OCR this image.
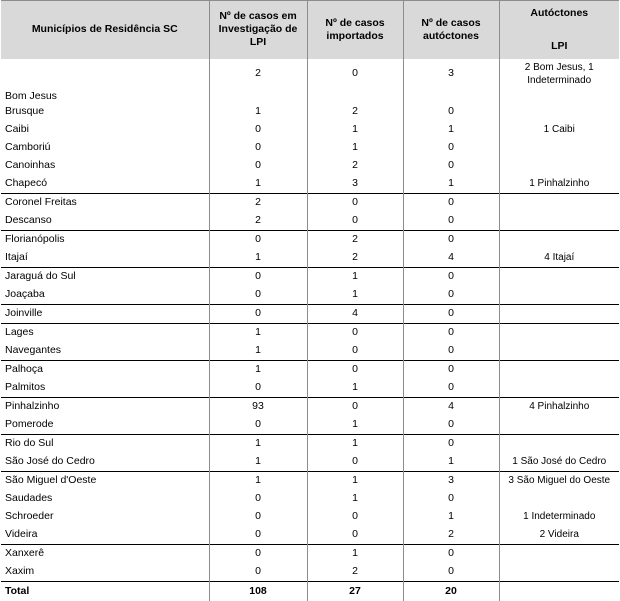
Municípios de Residência SC	Nº de casos em Investigação de LPI	Nº de casos importados	Nº de casos autóctones	Autóctones
LPI

Bom Jesus	2	0	3	2 Bom Jesus, 1 Indeterminado
Brusque	1	2	0	
Caibi	0	1	1	1 Caibi
Camboriú	0	1	0	
Canoinhas	0	2	0	
Chapecó	1	3	1	1 Pinhalzinho
Coronel Freitas	2	0	0	
Descanso	2	0	0	
Florianópolis	0	2	0	
Itajaí	1	2	4	4 Itajaí
Jaraguá do Sul	0	1	0	
Joaçaba	0	1	0	
Joinville	0	4	0	
Lages	1	0	0	
Navegantes	1	0	0	
Palhoça	1	0	0	
Palmitos	0	1	0	
Pinhalzinho	93	0	4	4 Pinhalzinho
Pomerode	0	1	0	
Rio do Sul	1	1	0	
São José do Cedro	1	0	1	1 São José do Cedro
São Miguel d'Oeste	1	1	3	3 São Miguel do Oeste
Saudades	0	1	0	
Schroeder	0	0	1	1 Indeterminado
Videira	0	0	2	2 Videira
Xanxerê	0	1	0	
Xaxim	0	2	0	
Total	108	27	20	
